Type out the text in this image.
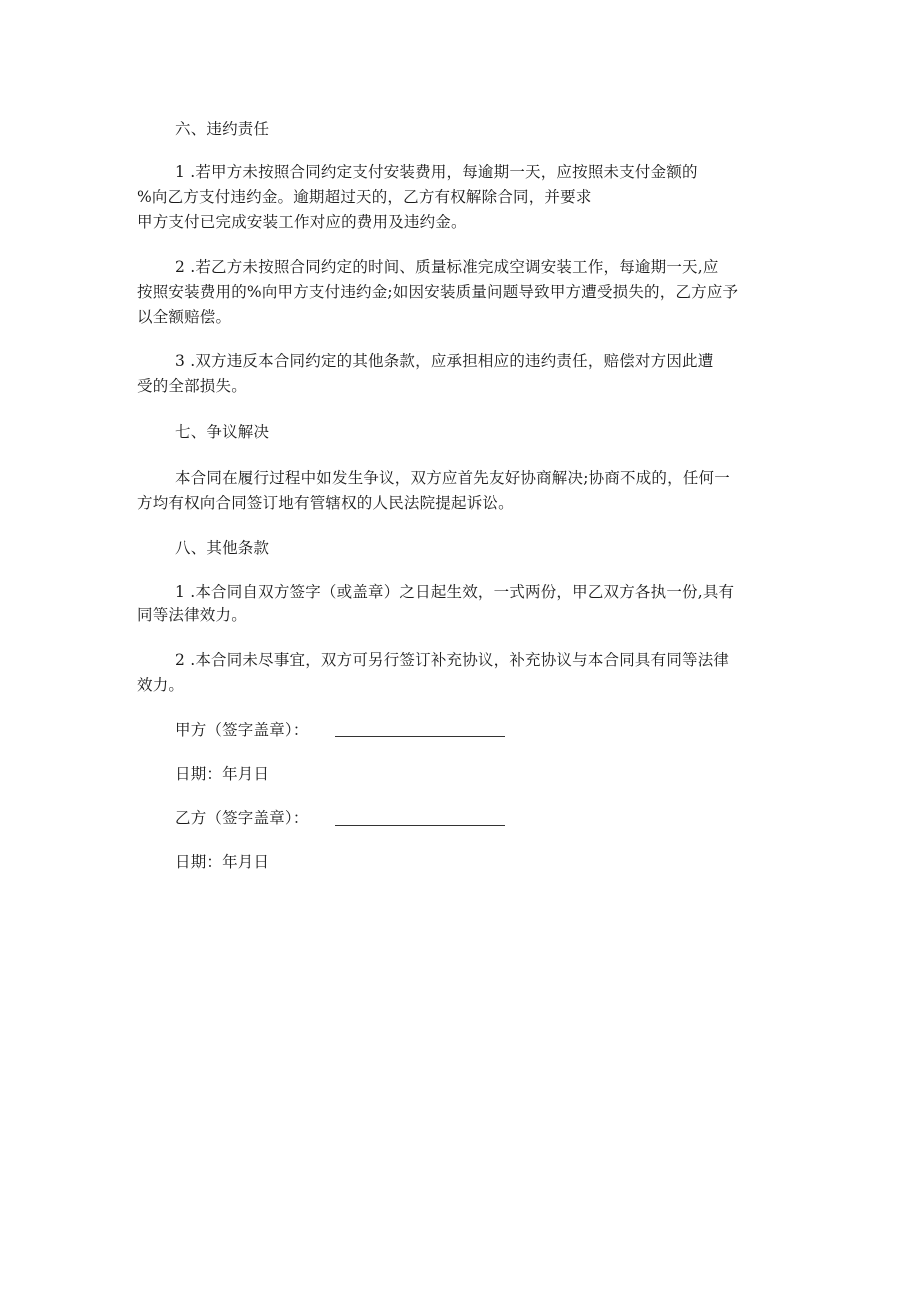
六、违约责任
1 .若甲方未按照合同约定支付安装费用，每逾期一天，应按照未支付金额的
%向乙方支付违约金。逾期超过天的，乙方有权解除合同，并要求
甲方支付已完成安装工作对应的费用及违约金。
2 .若乙方未按照合同约定的时间、质量标准完成空调安装工作，每逾期一天,应
按照安装费用的%向甲方支付违约金;如因安装质量问题导致甲方遭受损失的，乙方应予
以全额赔偿。
3 .双方违反本合同约定的其他条款，应承担相应的违约责任，赔偿对方因此遭
受的全部损失。
七、争议解决
本合同在履行过程中如发生争议，双方应首先友好协商解决;协商不成的，任何一
方均有权向合同签订地有管辖权的人民法院提起诉讼。
八、其他条款
1 .本合同自双方签字（或盖章）之日起生效，一式两份，甲乙双方各执一份,具有
同等法律效力。
2 .本合同未尽事宜，双方可另行签订补充协议，补充协议与本合同具有同等法律
效力。
甲方（签字盖章）：
日期：年月日
乙方（签字盖章）：
日期：年月日
